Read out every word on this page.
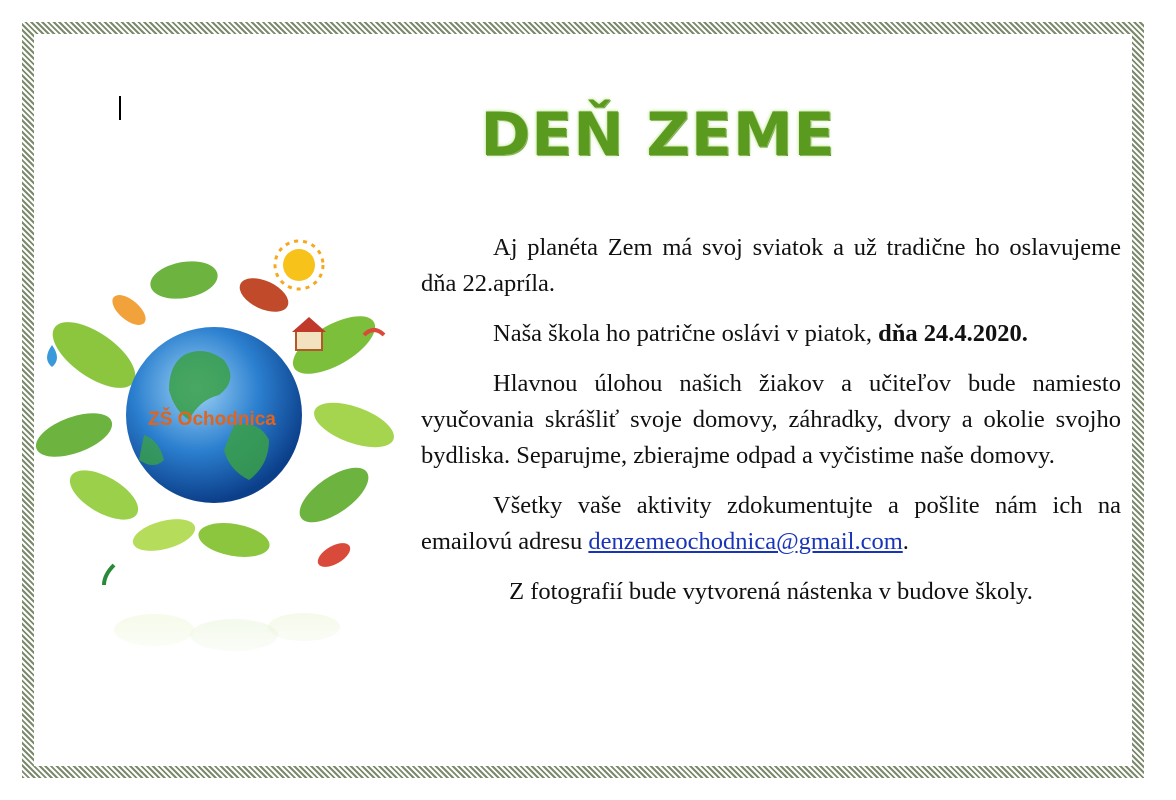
DEŇ ZEME
ZŠ Ochodnica

Aj planéta Zem má svoj sviatok a už tradične ho oslavujeme dňa 22.apríla.

Naša škola ho patrične oslávi v piatok, dňa 24.4.2020.

Hlavnou úlohou našich žiakov a učiteľov bude namiesto vyučovania skrášliť svoje domovy, záhradky, dvory a okolie svojho bydliska. Separujme, zbierajme odpad a vyčistime naše domovy.

Všetky vaše aktivity zdokumentujte a pošlite nám ich na emailovú adresu denzemeochodnica@gmail.com.

Z fotografií bude vytvorená nástenka v budove školy.
